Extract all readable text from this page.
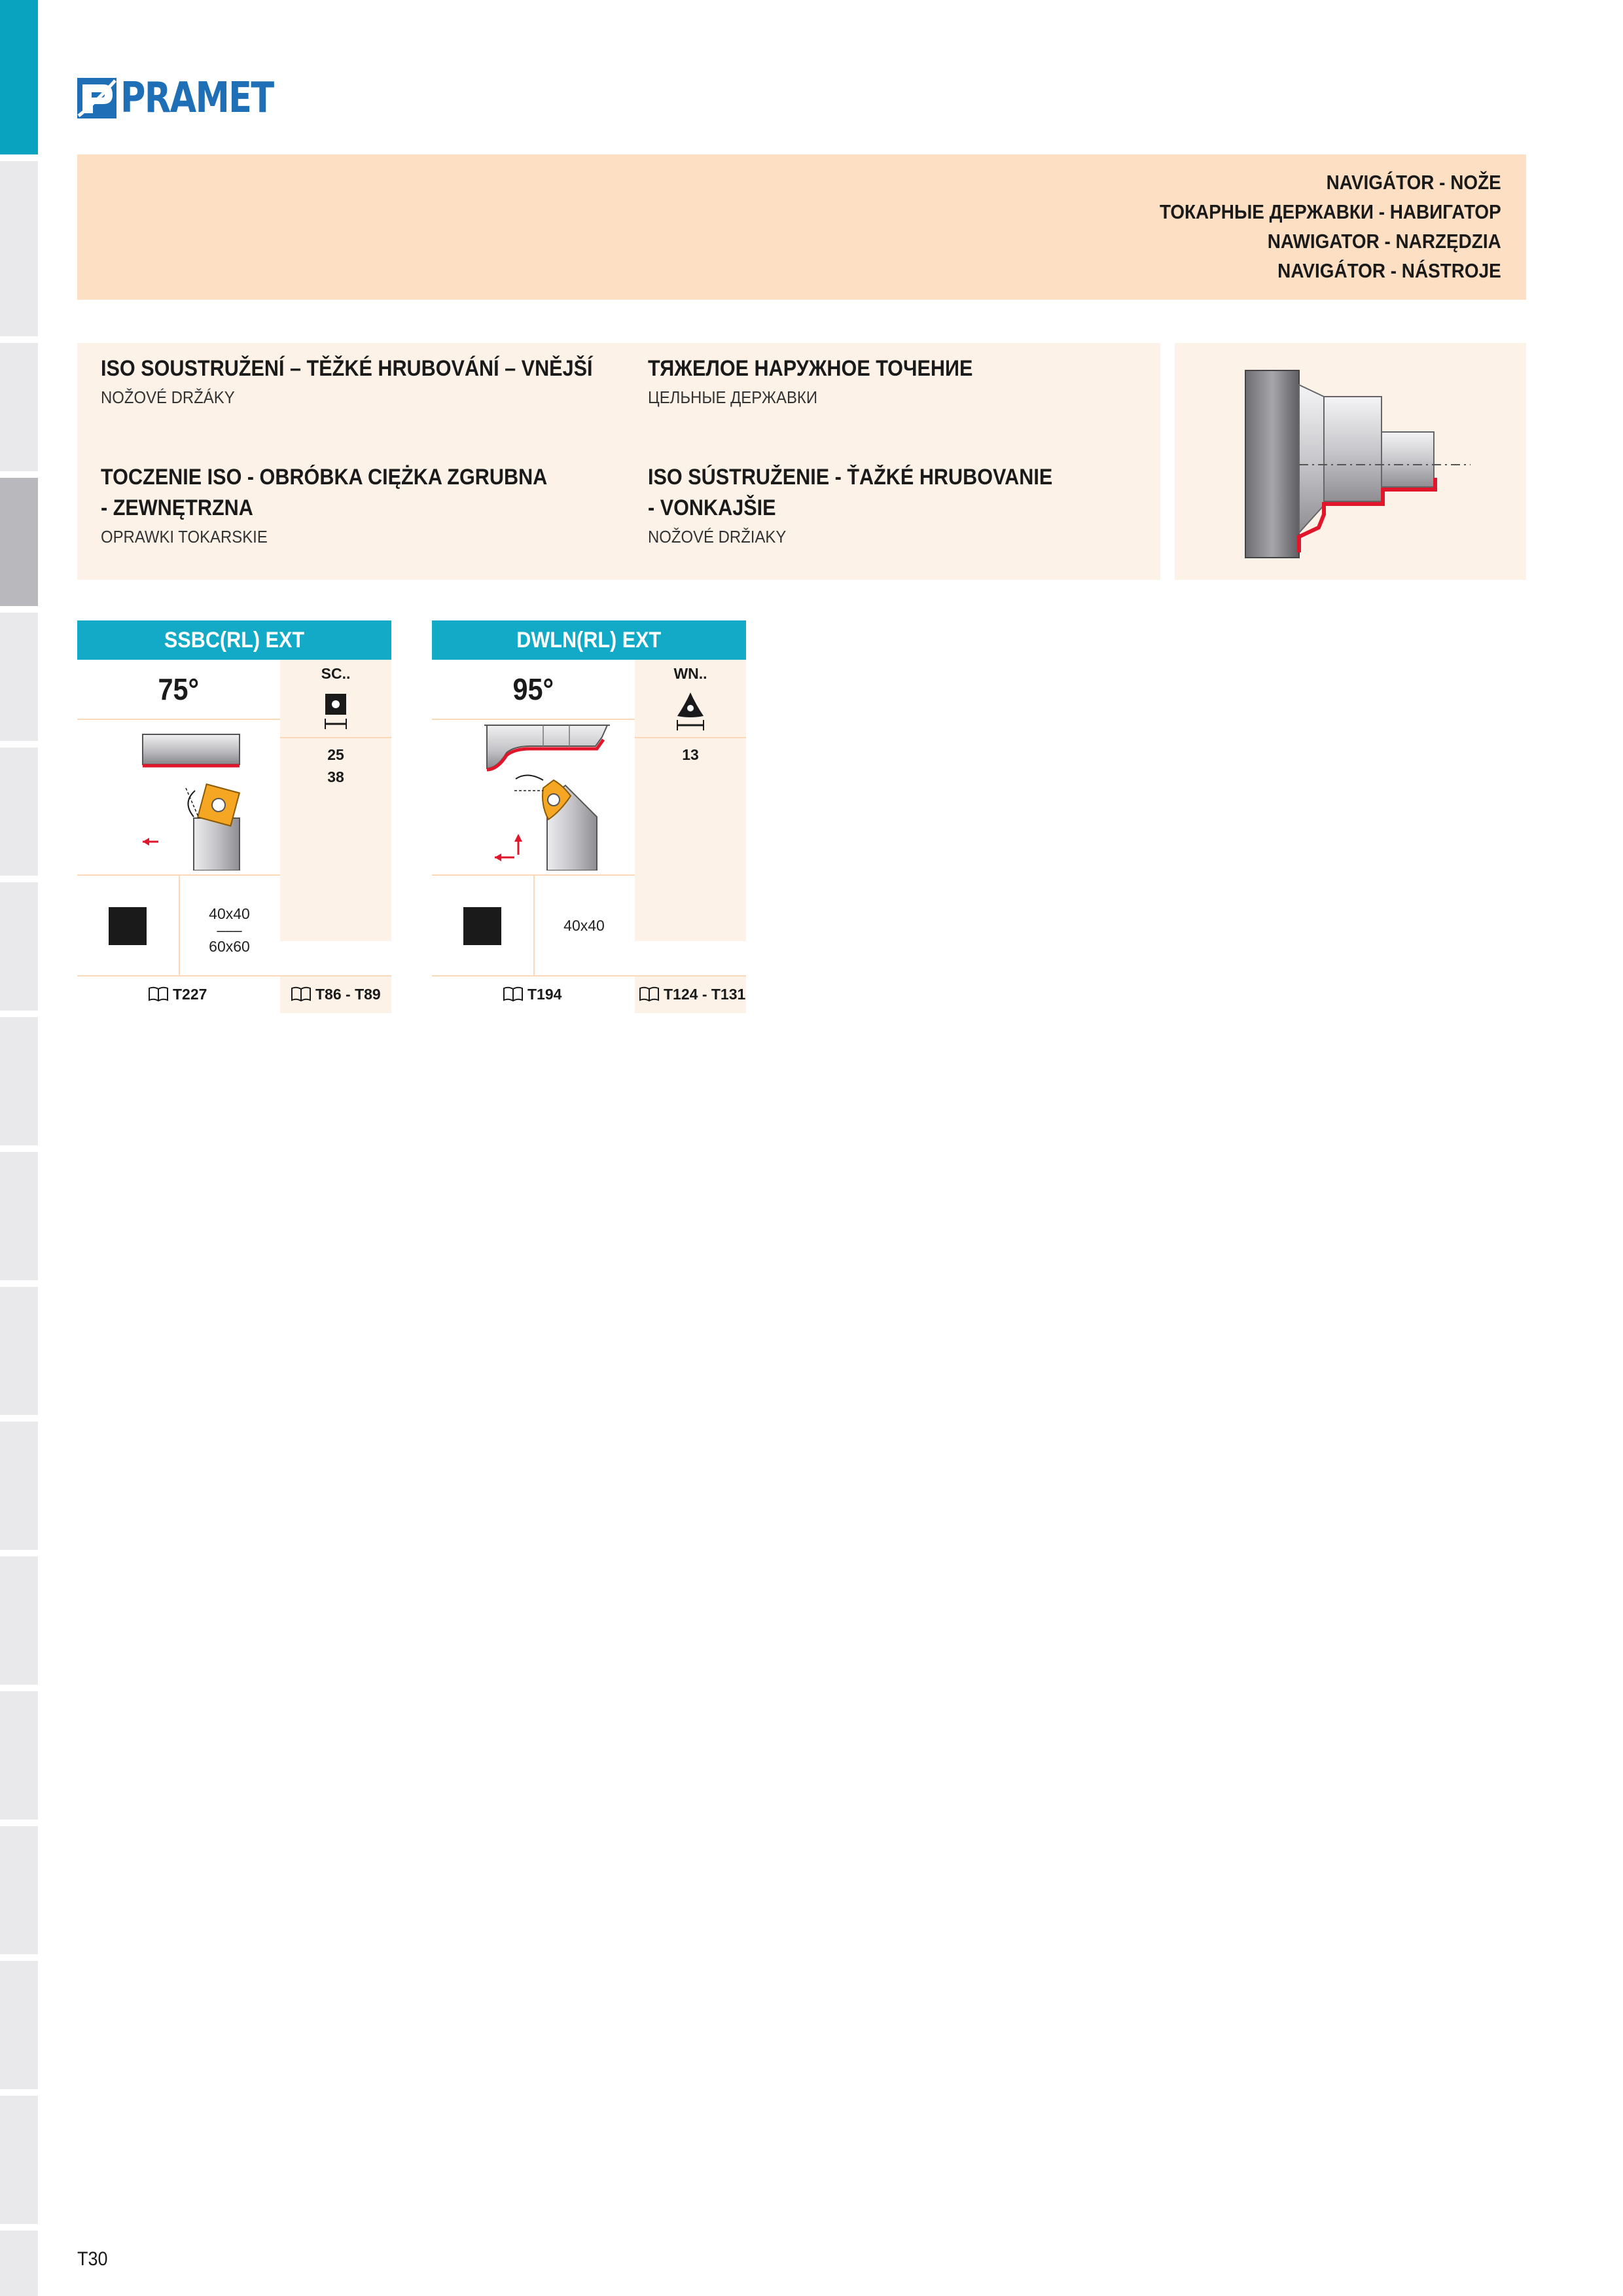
PRAMET
NAVIGÁTOR - NOŽE
ТОКАРНЫЕ ДЕРЖАВКИ - НАВИГАТОР
NAWIGATOR - NARZĘDZIA
NAVIGÁTOR - NÁSTROJE
ISO SOUSTRUŽENÍ – TĚŽKÉ HRUBOVÁNÍ – VNĚJŠÍ
NOŽOVÉ DRŽÁKY
ТЯЖЕЛОЕ НАРУЖНОЕ ТОЧЕНИЕ
ЦЕЛЬНЫЕ ДЕРЖАВКИ
TOCZENIE ISO - OBRÓBKA CIĘŻKA ZGRUBNA
- ZEWNĘTRZNA
OPRAWKI TOKARSKIE
ISO SÚSTRUŽENIE - ŤAŽKÉ HRUBOVANIE
- VONKAJŠIE
NOŽOVÉ DRŽIAKY
SSBC(RL) EXT
75°	SC..
25
38
40x40
–––
60x60
T227	T86 - T89
DWLN(RL) EXT
95°	WN..
13
40x40
T194	T124 - T131
T30
